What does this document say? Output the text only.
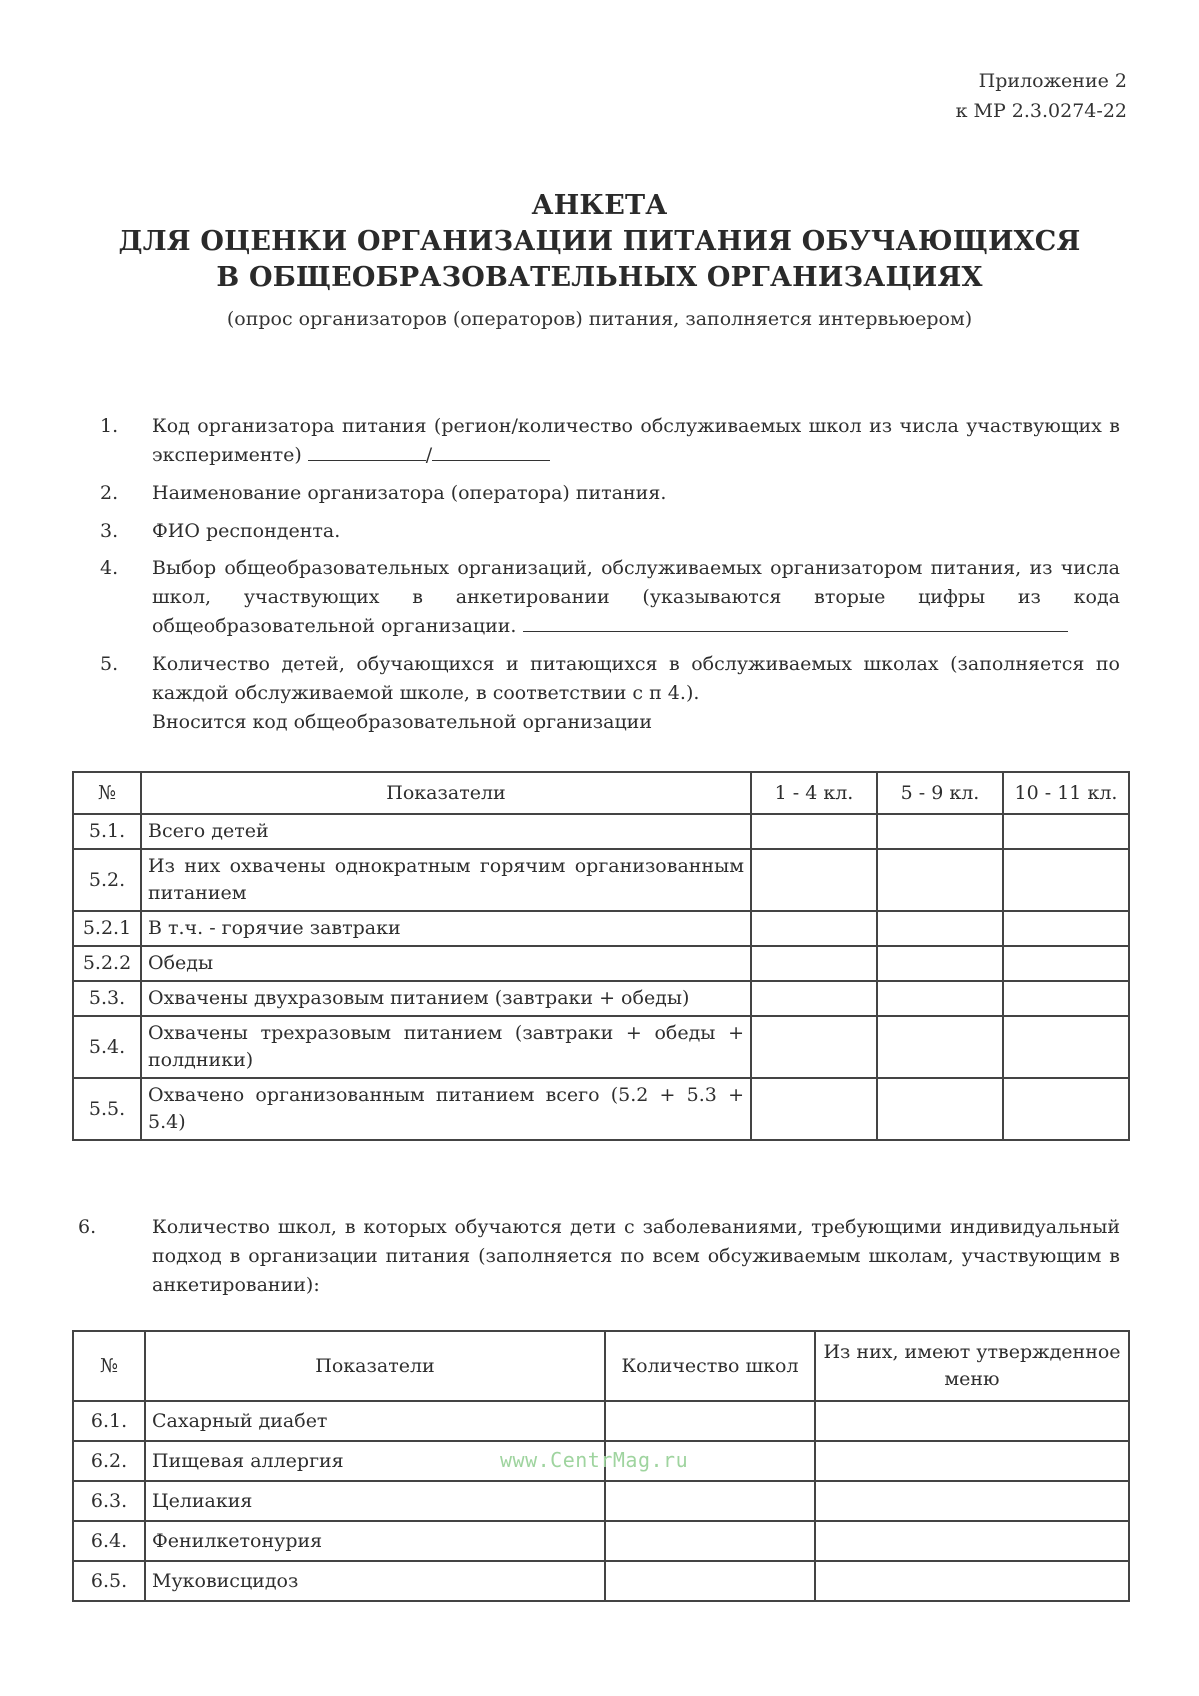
Приложение 2
к МР 2.3.0274-22
АНКЕТА
ДЛЯ ОЦЕНКИ ОРГАНИЗАЦИИ ПИТАНИЯ ОБУЧАЮЩИХСЯ
В ОБЩЕОБРАЗОВАТЕЛЬНЫХ ОРГАНИЗАЦИЯХ
(опрос организаторов (операторов) питания, заполняется интервьюером)
1. Код организатора питания (регион/количество обслуживаемых школ из числа участвующих в эксперименте)	/
2. Наименование организатора (оператора) питания.
3. ФИО респондента.
4. Выбор общеобразовательных организаций, обслуживаемых организатором питания, из числа школ, участвующих в анкетировании (указываются вторые цифры из кода общеобразовательной организации.
5. Количество детей, обучающихся и питающихся в обслуживаемых школах (заполняется по каждой обслуживаемой школе, в соответствии с п 4.).
Вносится код общеобразовательной организации
№	Показатели	1 - 4 кл.	5 - 9 кл.	10 - 11 кл.
5.1.	Всего детей			
5.2.	Из них охвачены однократным горячим организованным питанием			
5.2.1	В т.ч. - горячие завтраки			
5.2.2	Обеды			
5.3.	Охвачены двухразовым питанием (завтраки + обеды)			
5.4.	Охвачены трехразовым питанием (завтраки + обеды + полдники)			
5.5.	Охвачено организованным питанием всего (5.2 + 5.3 + 5.4)			
6.	Количество школ, в которых обучаются дети с заболеваниями, требующими индивидуальный подход в организации питания (заполняется по всем обсуживаемым школам, участвующим в анкетировании):
№	Показатели	Количество школ	Из них, имеют утвержденное меню
6.1.	Сахарный диабет		
6.2.	Пищевая аллергия		
6.3.	Целиакия		
6.4.	Фенилкетонурия		
6.5.	Муковисцидоз		
www.CentrMag.ru
